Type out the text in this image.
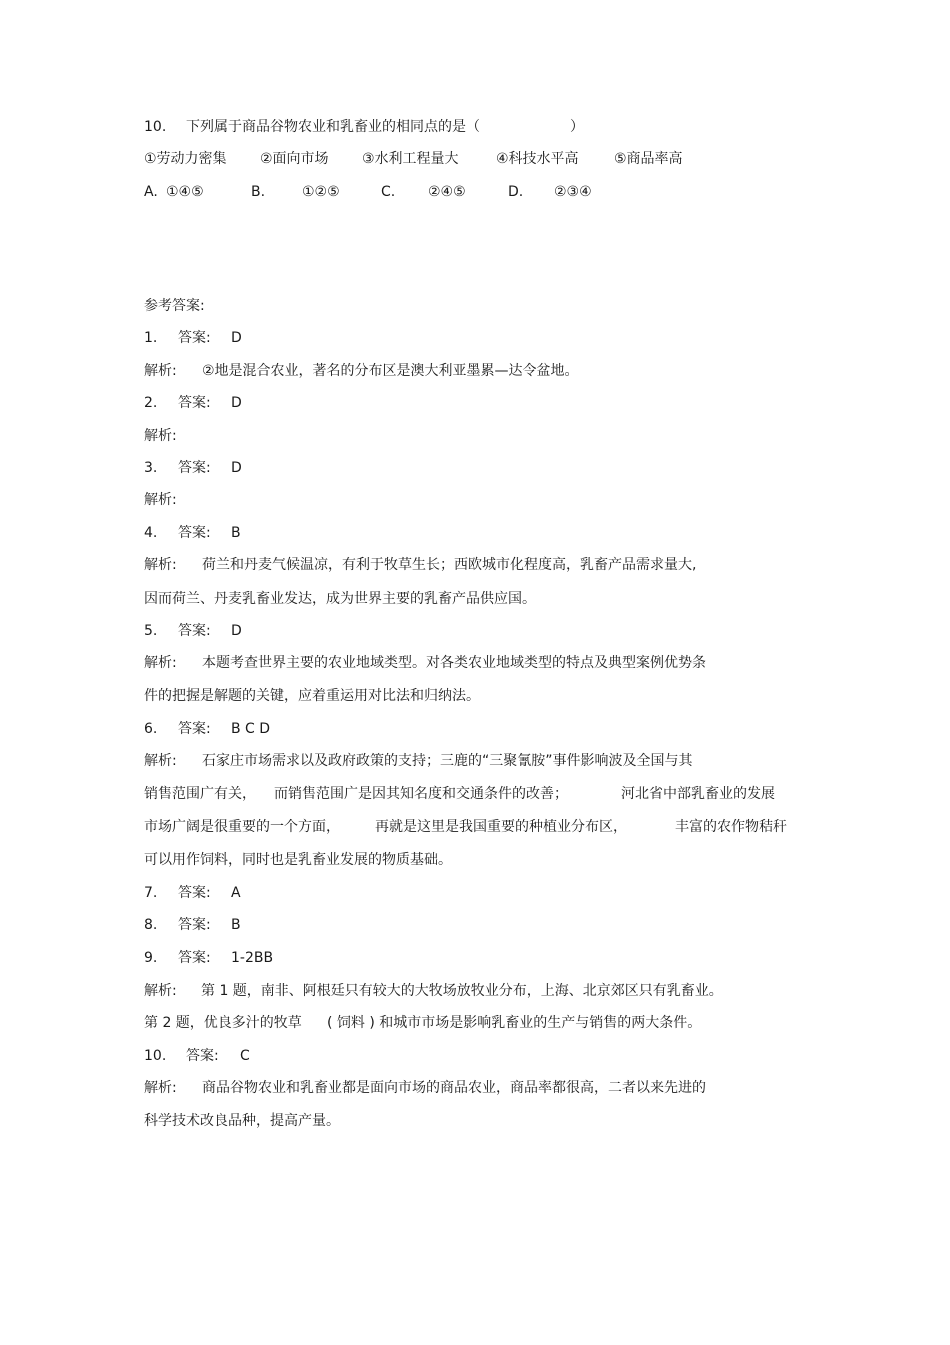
10. 下列属于商品谷物农业和乳畜业的相同点的是（	）
①劳动力密集 ②面向市场 ③水利工程量大	④科技水平高	⑤商品率高
A. ①④⑤	B.	①②⑤	C. ②④⑤	D. ②③④
参考答案:
1. 答案: D
解析: ②地是混合农业，著名的分布区是澳大利亚墨累—达令盆地。
2. 答案: D
解析:
3. 答案: D
解析:
4. 答案: B
解析: 荷兰和丹麦气候温凉，有利于牧草生长；西欧城市化程度高，乳畜产品需求量大,
因而荷兰、丹麦乳畜业发达，成为世界主要的乳畜产品供应国。
5. 答案: D
解析: 本题考查世界主要的农业地域类型。对各类农业地域类型的特点及典型案例优势条
件的把握是解题的关键，应着重运用对比法和归纳法。
6. 答案: B C D
解析: 石家庄市场需求以及政府政策的支持；三鹿的“三聚氰胺”事件影响波及全国与其
销售范围广有关， 而销售范围广是因其知名度和交通条件的改善；	河北省中部乳畜业的发展
市场广阔是很重要的一个方面，	再就是这里是我国重要的种植业分布区，	丰富的农作物秸秆
可以用作饲料，同时也是乳畜业发展的物质基础。
7. 答案: A
8. 答案: B
9. 答案: 1-2BB
解析: 第 1 题，南非、阿根廷只有较大的大牧场放牧业分布，上海、北京郊区只有乳畜业。
第 2 题，优良多汁的牧草 ( 饲料 ) 和城市市场是影响乳畜业的生产与销售的两大条件。
10. 答案: C
解析: 商品谷物农业和乳畜业都是面向市场的商品农业，商品率都很高，二者以来先进的
科学技术改良品种，提高产量。
